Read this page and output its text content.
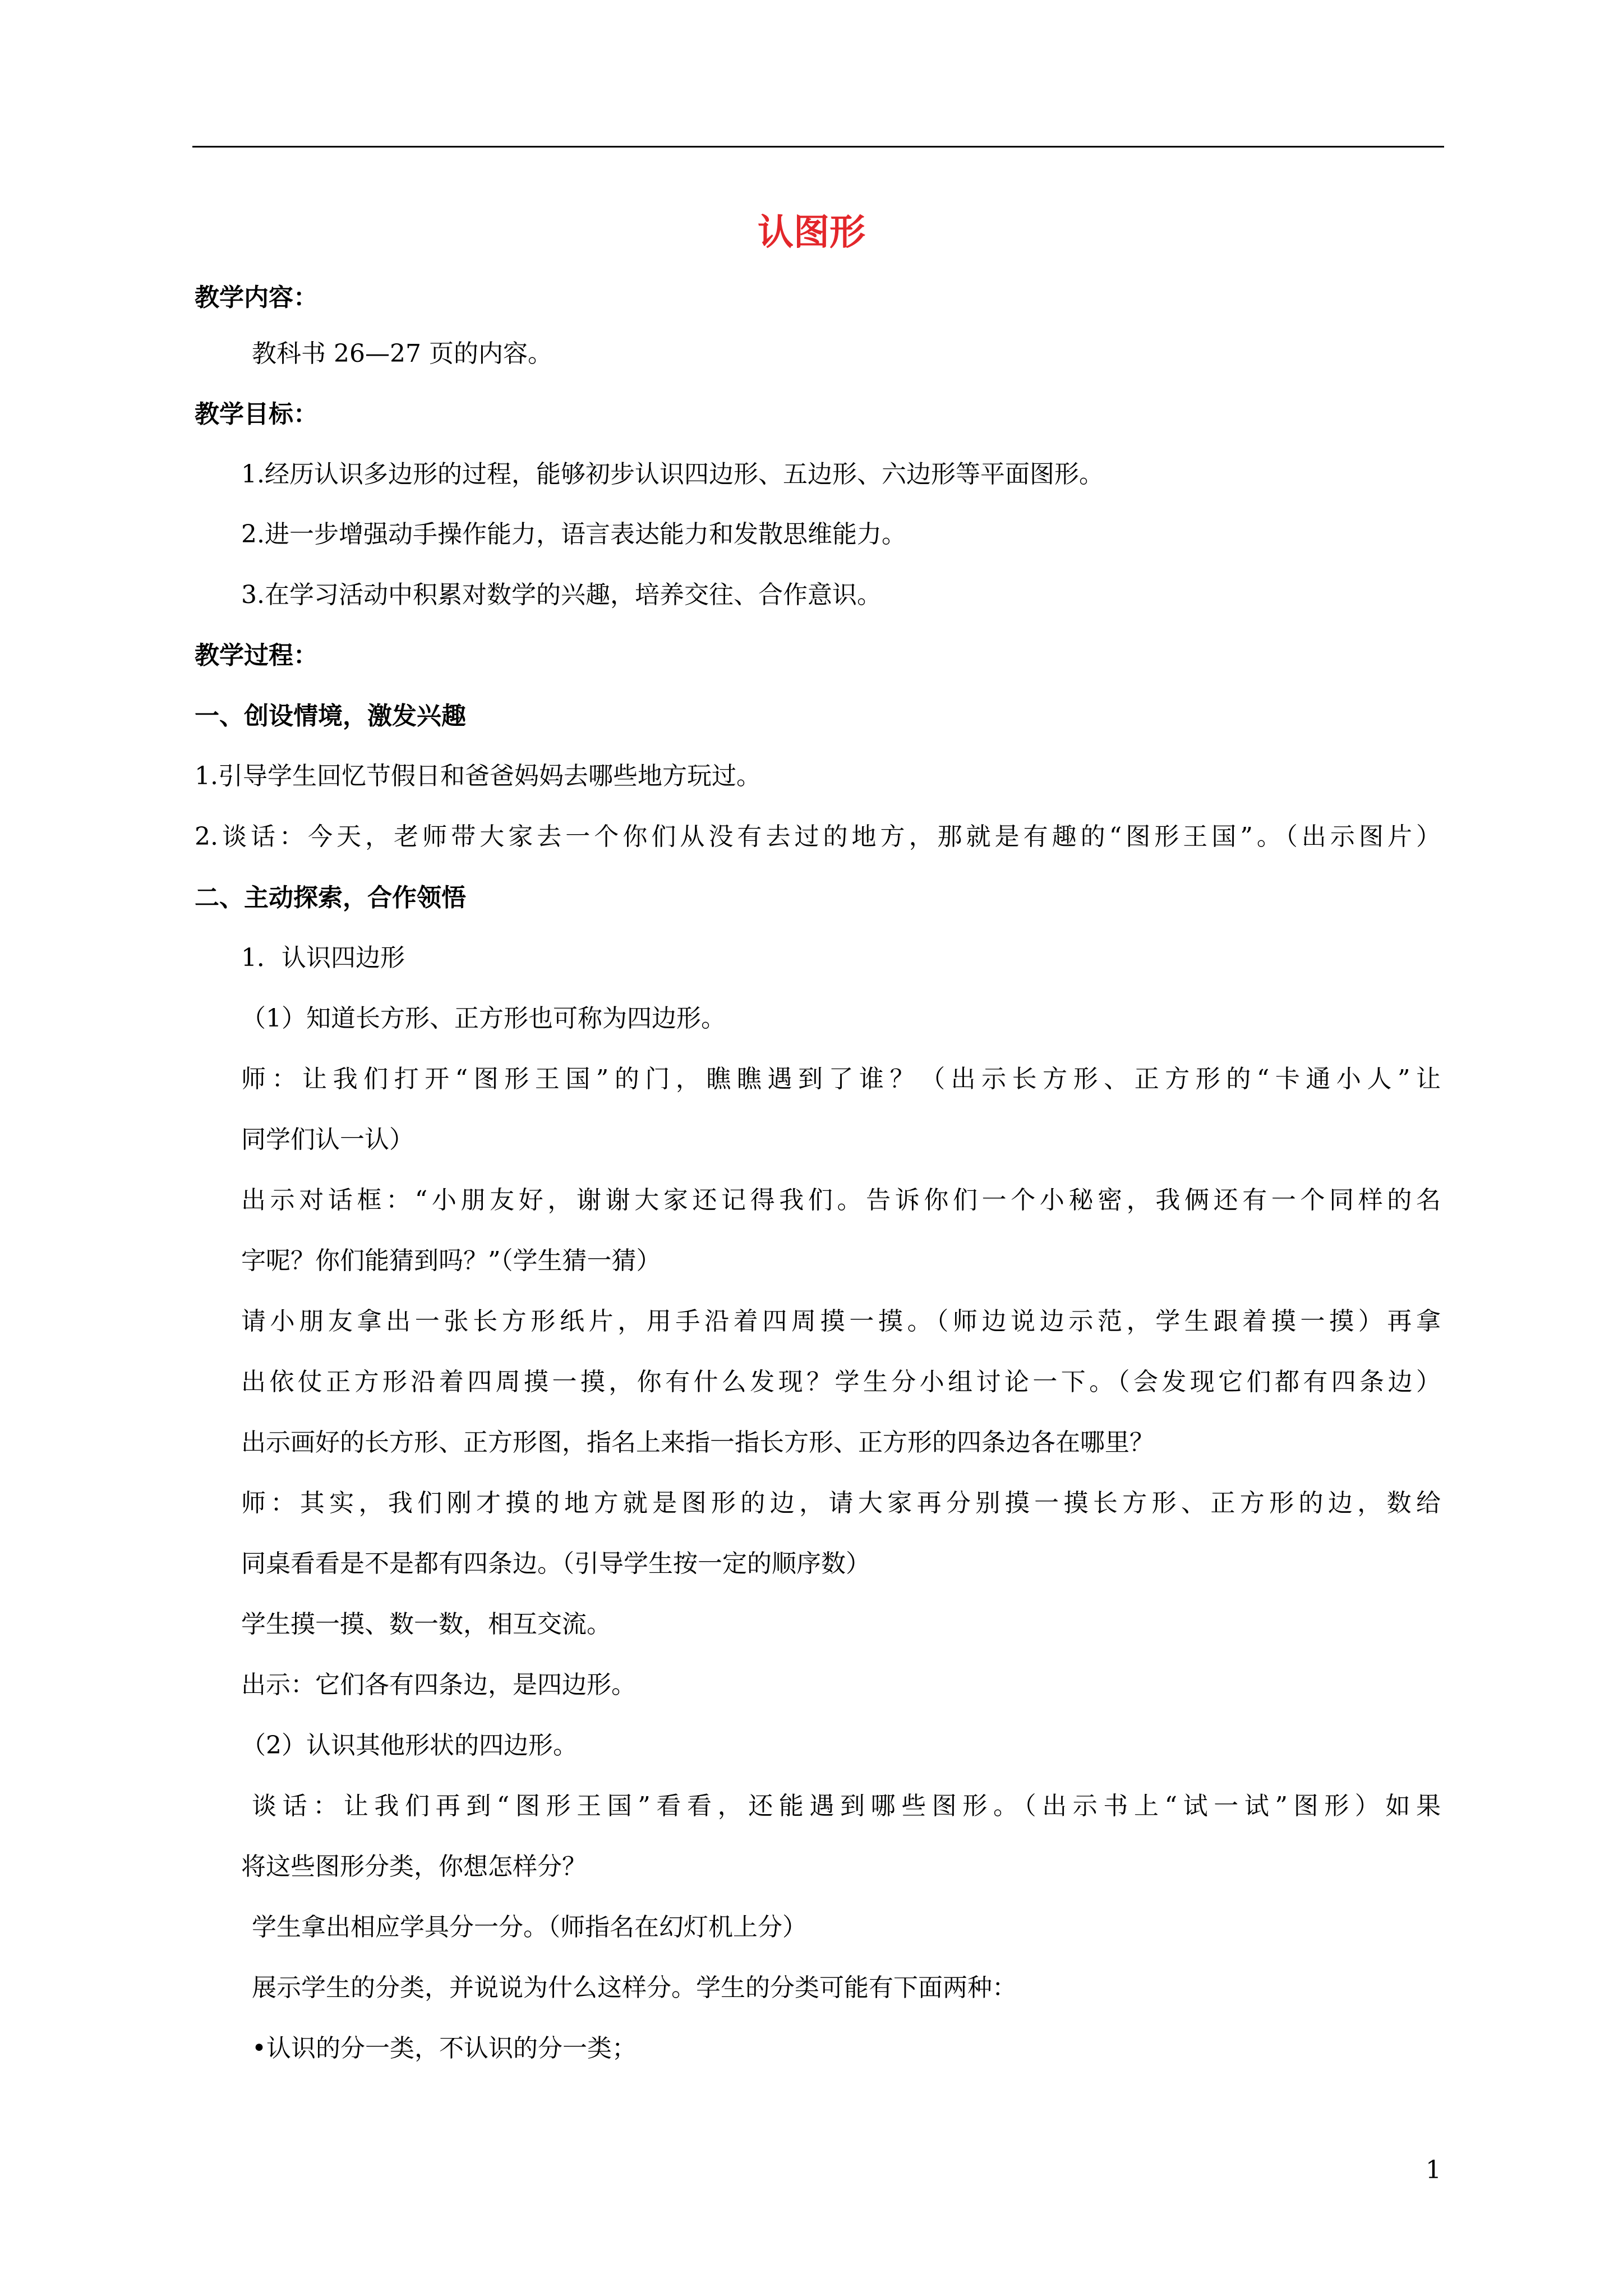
认图形

教学内容：

教科书 26—27 页的内容。

教学目标：

1.经历认识多边形的过程，能够初步认识四边形、五边形、六边形等平面图形。

2.进一步增强动手操作能力，语言表达能力和发散思维能力。

3.在学习活动中积累对数学的兴趣，培养交往、合作意识。

教学过程：

一、创设情境，激发兴趣

1.引导学生回忆节假日和爸爸妈妈去哪些地方玩过。

2.谈话：今天，老师带大家去一个你们从没有去过的地方，那就是有趣的“图形王国”。（出示图片）

二、主动探索，合作领悟

1．认识四边形

（1）知道长方形、正方形也可称为四边形。

师：让我们打开“图形王国”的门，瞧瞧遇到了谁？（出示长方形、正方形的“卡通小人”让

同学们认一认）

出示对话框：“小朋友好，谢谢大家还记得我们。告诉你们一个小秘密，我俩还有一个同样的名

字呢？你们能猜到吗？”（学生猜一猜）

请小朋友拿出一张长方形纸片，用手沿着四周摸一摸。（师边说边示范，学生跟着摸一摸）再拿

出依仗正方形沿着四周摸一摸，你有什么发现？学生分小组讨论一下。（会发现它们都有四条边）

出示画好的长方形、正方形图，指名上来指一指长方形、正方形的四条边各在哪里？

师：其实，我们刚才摸的地方就是图形的边，请大家再分别摸一摸长方形、正方形的边，数给

同桌看看是不是都有四条边。（引导学生按一定的顺序数）

学生摸一摸、数一数，相互交流。

出示：它们各有四条边，是四边形。

（2）认识其他形状的四边形。

谈话：让我们再到“图形王国”看看，还能遇到哪些图形。（出示书上“试一试”图形）如果

将这些图形分类，你想怎样分？

学生拿出相应学具分一分。（师指名在幻灯机上分）

展示学生的分类，并说说为什么这样分。学生的分类可能有下面两种：

•认识的分一类，不认识的分一类；

1
